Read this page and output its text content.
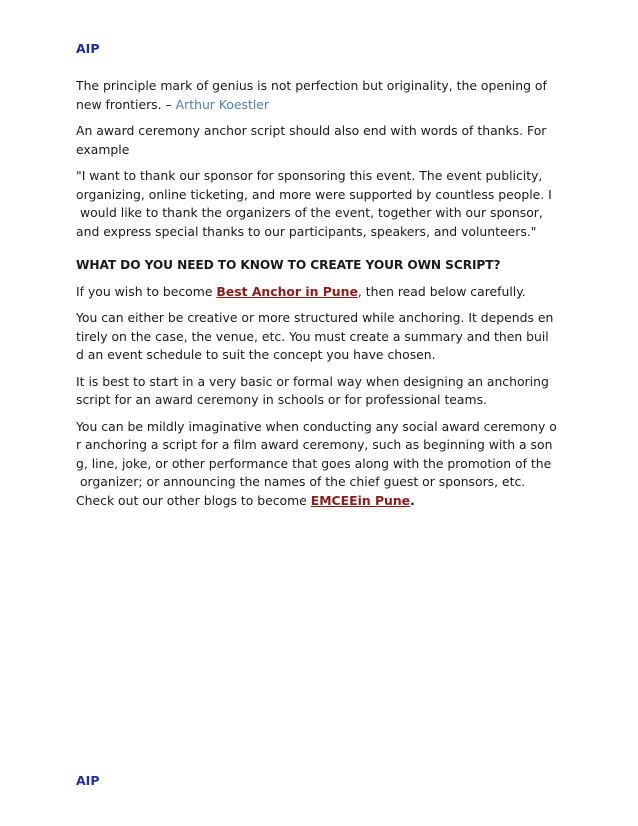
AIP

The principle mark of genius is not perfection but originality, the opening of
new frontiers. – Arthur Koestler

An award ceremony anchor script should also end with words of thanks. For
example

"I want to thank our sponsor for sponsoring this event. The event publicity,
organizing, online ticketing, and more were supported by countless people. I
would like to thank the organizers of the event, together with our sponsor,
and express special thanks to our participants, speakers, and volunteers."

WHAT DO YOU NEED TO KNOW TO CREATE YOUR OWN SCRIPT?

If you wish to become Best Anchor in Pune, then read below carefully.

You can either be creative or more structured while anchoring. It depends en
tirely on the case, the venue, etc. You must create a summary and then buil
d an event schedule to suit the concept you have chosen.

It is best to start in a very basic or formal way when designing an anchoring
script for an award ceremony in schools or for professional teams.

You can be mildly imaginative when conducting any social award ceremony o
r anchoring a script for a film award ceremony, such as beginning with a son
g, line, joke, or other performance that goes along with the promotion of the
organizer; or announcing the names of the chief guest or sponsors, etc.
Check out our other blogs to become EMCEEin Pune.

AIP
